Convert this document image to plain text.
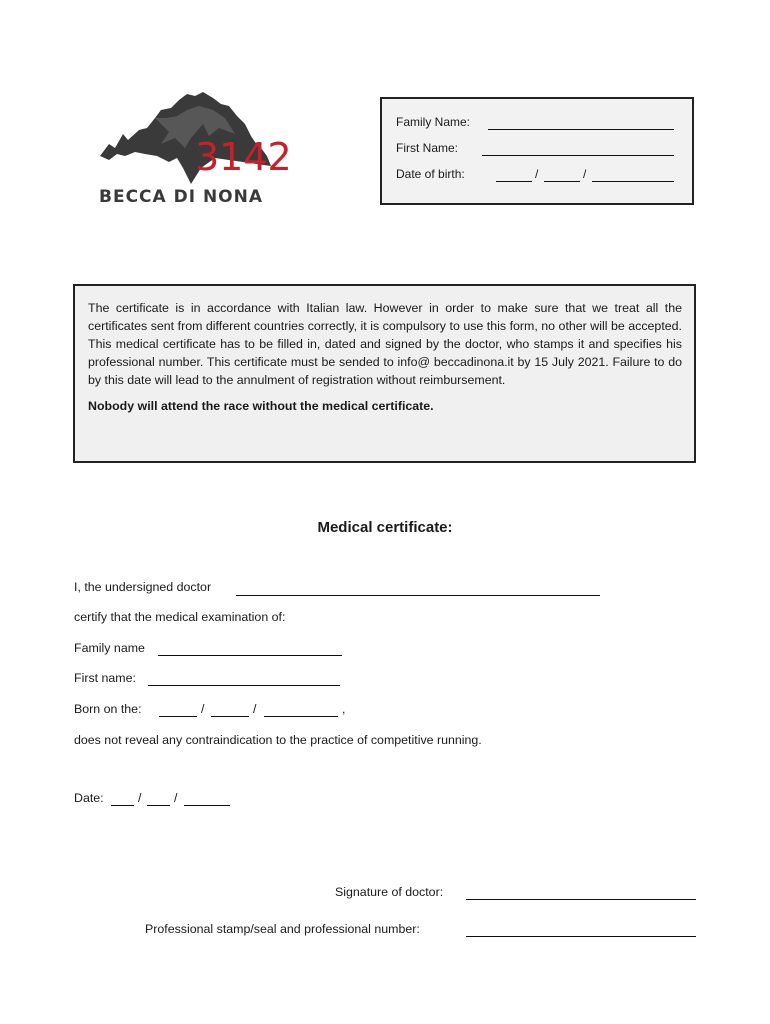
3142
BECCA DI NONA
Family Name:
First Name:
Date of birth:	/	/

The certificate is in accordance with Italian law. However in order to make sure that we treat all the certificates sent from different countries correctly, it is compulsory to use this form, no other will be accepted. This medical certificate has to be filled in, dated and signed by the doctor, who stamps it and specifies his professional number. This certificate must be sended to info@ beccadinona.it by 15 July 2021. Failure to do by this date will lead to the annulment of registration without reimbursement.

Nobody will attend the race without the medical certificate.

Medical certificate:
I, the undersigned doctor
certify that the medical examination of:
Family name
First name:
Born on the:	/	/	,
does not reveal any contraindication to the practice of competitive running.
Date:	/	/
Signature of doctor:
Professional stamp/seal and professional number:
